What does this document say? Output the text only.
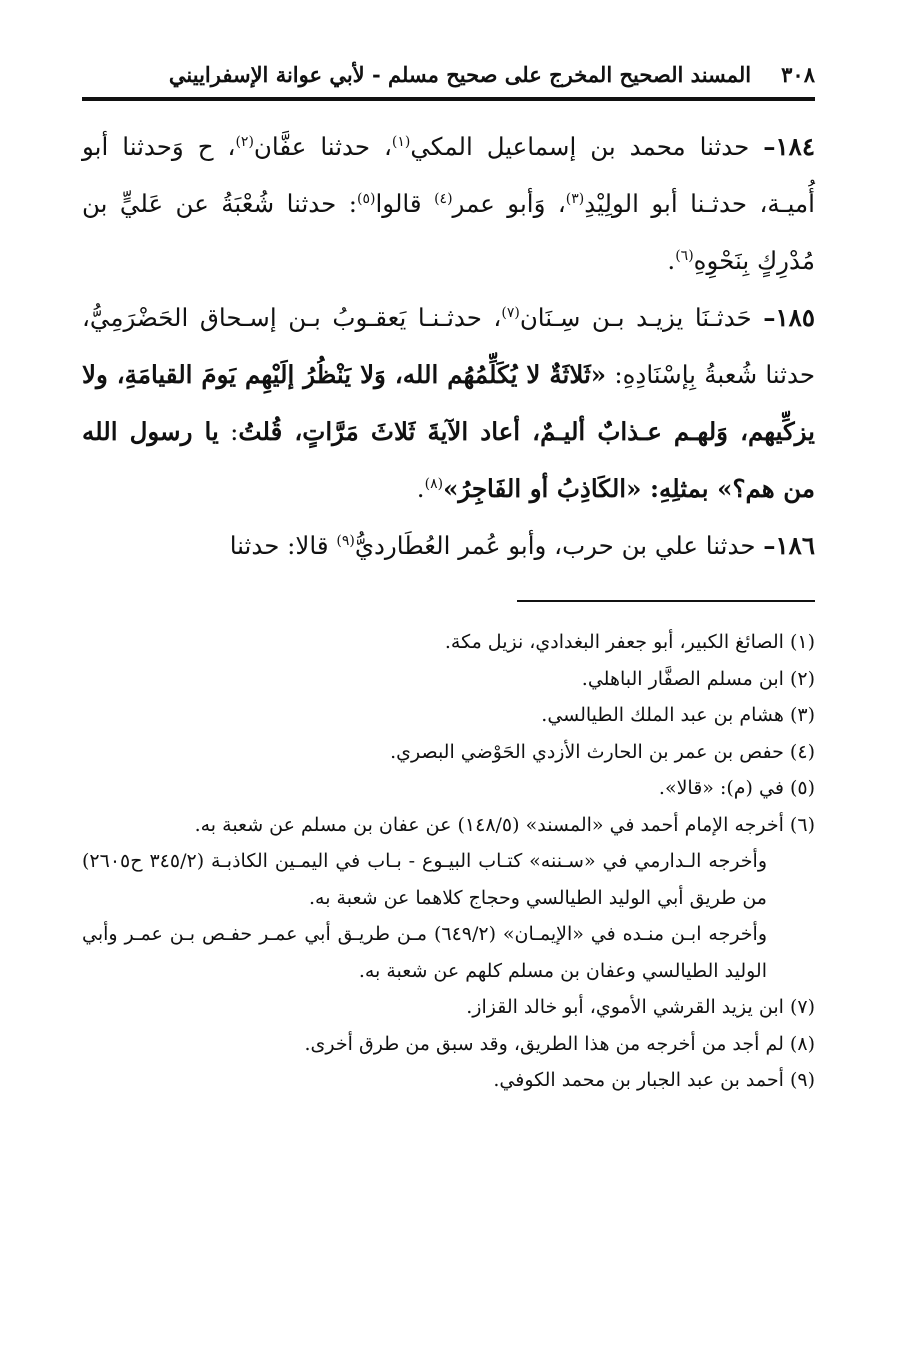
٣٠٨
المسند الصحيح المخرج على صحيح مسلم - لأبي عوانة الإسفراييني

١٨٤– حدثنا محمد بن إسماعيل المكي$^{(١)}$، حدثنا عفَّان$^{(٢)}$، ح وَحدثنا أبو أُميـة، حدثـنا أبو الولِيْدِ$^{(٣)}$، وَأبو عمر$^{(٤)}$ قالوا$^{(٥)}$: حدثنا شُعْبَةُ عن عَليٍّ بن مُدْرِكٍ بِنَحْوِهِ$^{(٦)}$.

١٨٥– حَدثـنَا يزيـد بـن سِـنَان$^{(٧)}$، حدثـنـا يَعقـوبُ بـن إسـحاق الحَضْرَمِيُّ، حدثنا شُعبةُ بِإسْنَادِهِ: «ثَلاثَةٌ لا يُكَلِّمُهُم الله، وَلا يَنْظُرُ إلَيْهِم يَومَ القيامَةِ، ولا يزكِّيهم، وَلهـم عـذابٌ أليـمٌ، أعاد الآيةَ ثَلاثَ مَرَّاتٍ، قُلتُ: يا رسول الله من هم؟» بمثلِهِ: «الكَاذِبُ أو الفَاجِرُ»$^{(٨)}$.

١٨٦– حدثنا علي بن حرب، وأبو عُمر العُطَارديُّ$^{(٩)}$ قالا: حدثنا

(١) الصائغ الكبير، أبو جعفر البغدادي، نزيل مكة.

(٢) ابن مسلم الصفَّار الباهلي.

(٣) هشام بن عبد الملك الطيالسي.

(٤) حفص بن عمر بن الحارث الأزدي الحَوْضي البصري.

(٥) في (م): «قالا».

(٦) أخرجه الإمام أحمد في «المسند» (١٤٨/٥) عن عفان بن مسلم عن شعبة به.

وأخرجه الـدارمي في «سـننه» كتـاب البيـوع - بـاب في اليمـين الكاذبـة (٣٤٥/٢ ح٢٦٠٥) من طريق أبي الوليد الطيالسي وحجاج كلاهما عن شعبة به.

وأخرجه ابـن منـده في «الإيمـان» (٦٤٩/٢) مـن طريـق أبي عمـر حفـص بـن عمـر وأبي الوليد الطيالسي وعفان بن مسلم كلهم عن شعبة به.

(٧) ابن يزيد القرشي الأموي، أبو خالد القزاز.

(٨) لم أجد من أخرجه من هذا الطريق، وقد سبق من طرق أخرى.

(٩) أحمد بن عبد الجبار بن محمد الكوفي.
